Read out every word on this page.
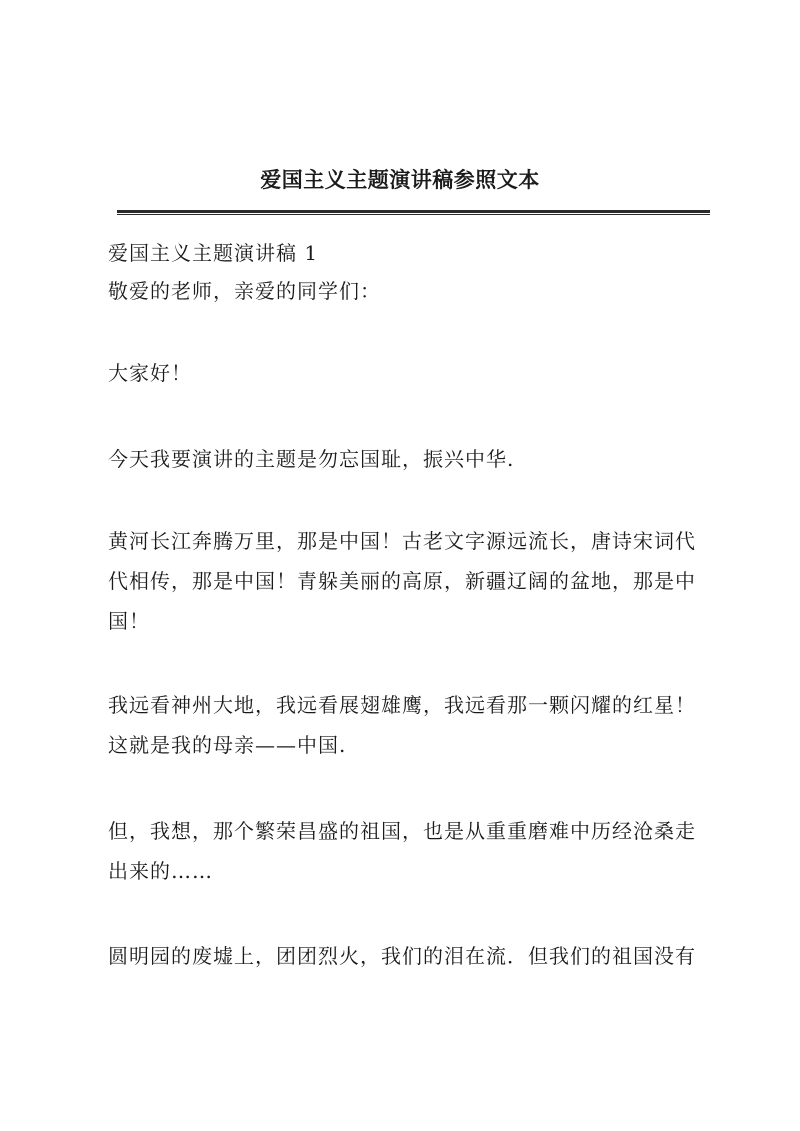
爱国主义主题演讲稿参照文本

爱国主义主题演讲稿 1

敬爱的老师，亲爱的同学们：

大家好！

今天我要演讲的主题是勿忘国耻，振兴中华.

黄河长江奔腾万里，那是中国！古老文字源远流长，唐诗宋词代

代相传，那是中国！青躲美丽的高原，新疆辽阔的盆地，那是中

国！

我远看神州大地，我远看展翅雄鹰，我远看那一颗闪耀的红星！

这就是我的母亲——中国.

但，我想，那个繁荣昌盛的祖国，也是从重重磨难中历经沧桑走

出来的……

圆明园的废墟上，团团烈火，我们的泪在流．但我们的祖国没有
